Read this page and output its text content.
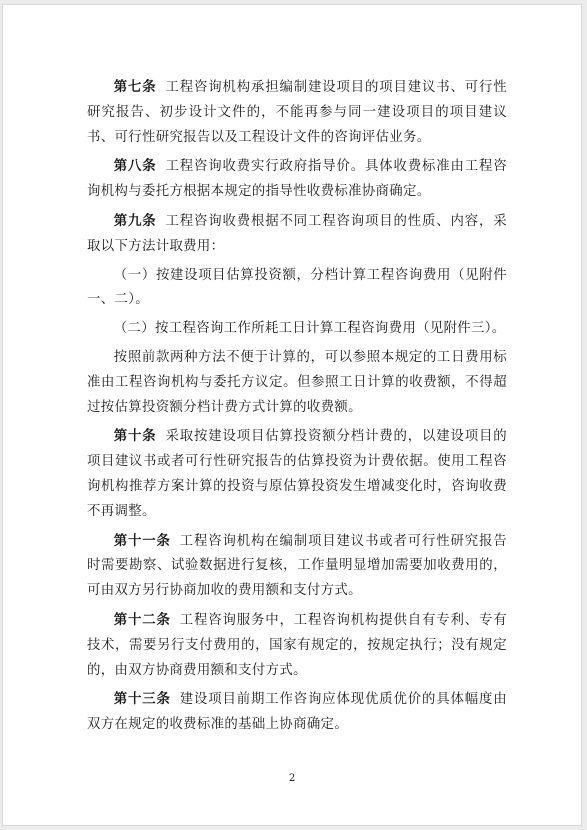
第七条 工程咨询机构承担编制建设项目的项目建议书、可行性研究报告、初步设计文件的，不能再参与同一建设项目的项目建议书、可行性研究报告以及工程设计文件的咨询评估业务。

第八条 工程咨询收费实行政府指导价。具体收费标准由工程咨询机构与委托方根据本规定的指导性收费标准协商确定。

第九条 工程咨询收费根据不同工程咨询项目的性质、内容，采取以下方法计取费用：

（一）按建设项目估算投资额，分档计算工程咨询费用（见附件一、二）。

（二）按工程咨询工作所耗工日计算工程咨询费用（见附件三）。

按照前款两种方法不便于计算的，可以参照本规定的工日费用标准由工程咨询机构与委托方议定。但参照工日计算的收费额，不得超过按估算投资额分档计费方式计算的收费额。

第十条 采取按建设项目估算投资额分档计费的，以建设项目的项目建议书或者可行性研究报告的估算投资为计费依据。使用工程咨询机构推荐方案计算的投资与原估算投资发生增减变化时，咨询收费不再调整。

第十一条 工程咨询机构在编制项目建议书或者可行性研究报告时需要勘察、试验数据进行复核，工作量明显增加需要加收费用的，可由双方另行协商加收的费用额和支付方式。

第十二条 工程咨询服务中，工程咨询机构提供自有专利、专有技术，需要另行支付费用的，国家有规定的，按规定执行；没有规定的，由双方协商费用额和支付方式。

第十三条 建设项目前期工作咨询应体现优质优价的具体幅度由双方在规定的收费标准的基础上协商确定。

2
